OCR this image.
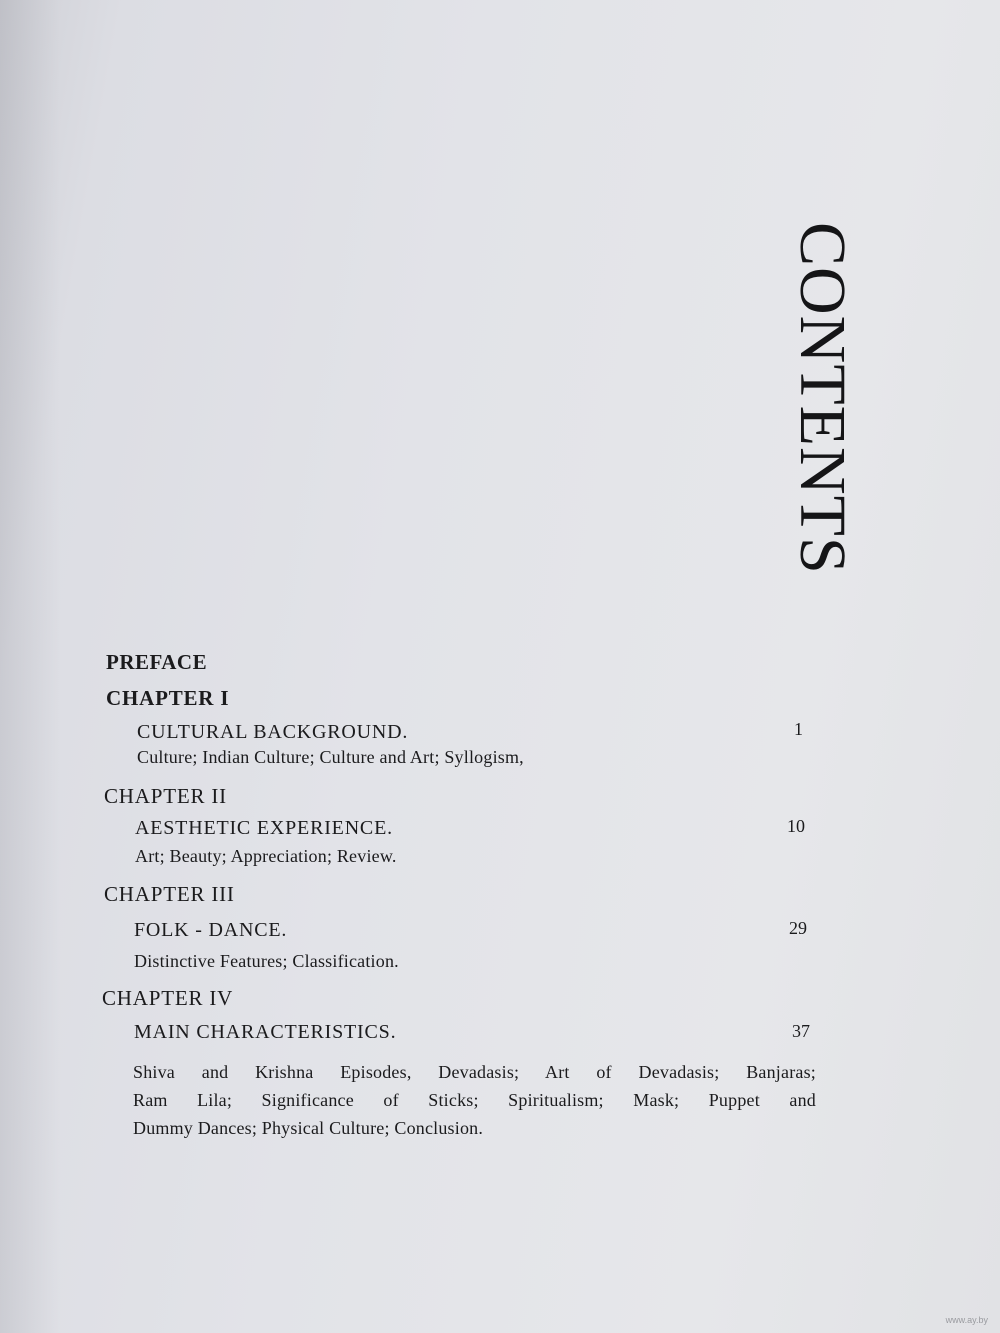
CONTENTS
PREFACE
CHAPTER I
CULTURAL BACKGROUND.	1
Culture; Indian Culture; Culture and Art; Syllogism,
CHAPTER II
AESTHETIC EXPERIENCE.	10
Art; Beauty; Appreciation; Review.
CHAPTER III
FOLK - DANCE.	29
Distinctive Features; Classification.
CHAPTER IV
MAIN CHARACTERISTICS.	37
Shiva and Krishna Episodes, Devadasis; Art of Devadasis; Banjaras;
Ram Lila; Significance of Sticks; Spiritualism; Mask; Puppet and
Dummy Dances; Physical Culture; Conclusion.
www.ay.by
